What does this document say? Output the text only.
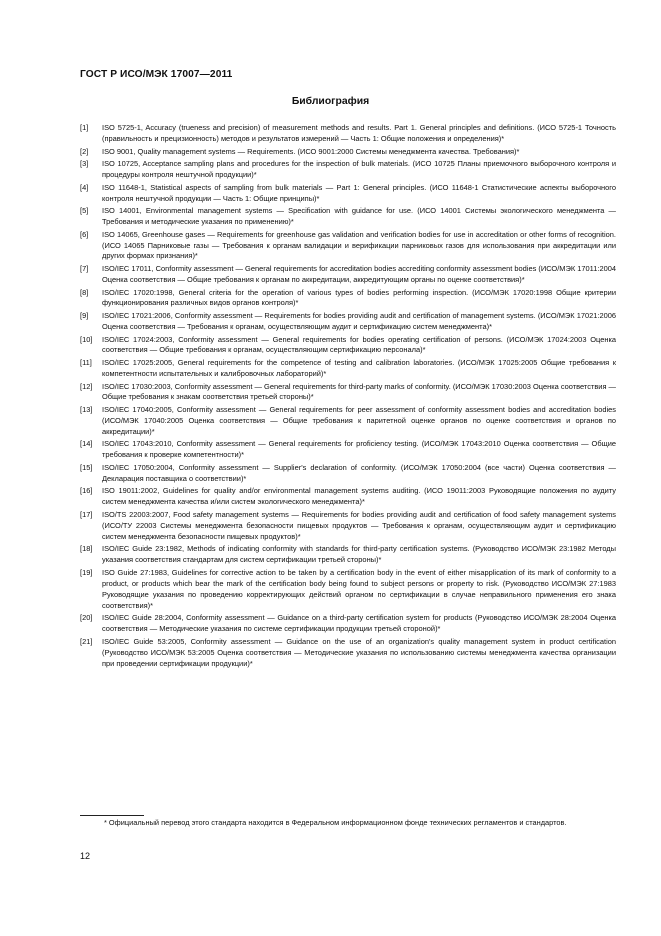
ГОСТ Р ИСО/МЭК 17007—2011
Библиография
[1] ISO 5725-1, Accuracy (trueness and precision) of measurement methods and results. Part 1. General principles and definitions. (ИСО 5725-1 Точность (правильность и прецизионность) методов и результатов измерений — Часть 1: Общие положения и определения)*
[2] ISO 9001, Quality management systems — Requirements. (ИСО 9001:2000 Системы менеджмента качества. Требования)*
[3] ISO 10725, Acceptance sampling plans and procedures for the inspection of bulk materials. (ИСО 10725 Планы приемочного выборочного контроля и процедуры контроля нештучной продукции)*
[4] ISO 11648-1, Statistical aspects of sampling from bulk materials — Part 1: General principles. (ИСО 11648-1 Статистические аспекты выборочного контроля нештучной продукции — Часть 1: Общие принципы)*
[5] ISO 14001, Environmental management systems — Specification with guidance for use. (ИСО 14001 Системы экологического менеджмента — Требования и методические указания по применению)*
[6] ISO 14065, Greenhouse gases — Requirements for greenhouse gas validation and verification bodies for use in accreditation or other forms of recognition. (ИСО 14065 Парниковые газы — Требования к органам валидации и верификации парниковых газов для использования при аккредитации или других формах признания)*
[7] ISO/IEC 17011, Conformity assessment — General requirements for accreditation bodies accrediting conformity assessment bodies (ИСО/МЭК 17011:2004 Оценка соответствия — Общие требования к органам по аккредитации, аккредитующим органы по оценке соответствия)*
[8] ISO/IEC 17020:1998, General criteria for the operation of various types of bodies performing inspection. (ИСО/МЭК 17020:1998 Общие критерии функционирования различных видов органов контроля)*
[9] ISO/IEC 17021:2006, Conformity assessment — Requirements for bodies providing audit and certification of management systems. (ИСО/МЭК 17021:2006 Оценка соответствия — Требования к органам, осуществляющим аудит и сертификацию систем менеджмента)*
[10] ISO/IEC 17024:2003, Conformity assessment — General requirements for bodies operating certification of persons. (ИСО/МЭК 17024:2003 Оценка соответствия — Общие требования к органам, осуществляющим сертификацию персонала)*
[11] ISO/IEC 17025:2005, General requirements for the competence of testing and calibration laboratories. (ИСО/МЭК 17025:2005 Общие требования к компетентности испытательных и калибровочных лабораторий)*
[12] ISO/IEC 17030:2003, Conformity assessment — General requirements for third-party marks of conformity. (ИСО/МЭК 17030:2003 Оценка соответствия — Общие требования к знакам соответствия третьей стороны)*
[13] ISO/IEC 17040:2005, Conformity assessment — General requirements for peer assessment of conformity assessment bodies and accreditation bodies (ИСО/МЭК 17040:2005 Оценка соответствия — Общие требования к паритетной оценке органов по оценке соответствия и органов по аккредитации)*
[14] ISO/IEC 17043:2010, Conformity assessment — General requirements for proficiency testing. (ИСО/МЭК 17043:2010 Оценка соответствия — Общие требования к проверке компетентности)*
[15] ISO/IEC 17050:2004, Conformity assessment — Supplier's declaration of conformity. (ИСО/МЭК 17050:2004 (все части) Оценка соответствия — Декларация поставщика о соответствии)*
[16] ISO 19011:2002, Guidelines for quality and/or environmental management systems auditing. (ИСО 19011:2003 Руководящие положения по аудиту систем менеджмента качества и/или систем экологического менеджмента)*
[17] ISO/TS 22003:2007, Food safety management systems — Requirements for bodies providing audit and certification of food safety management systems (ИСО/ТУ 22003 Системы менеджмента безопасности пищевых продуктов — Требования к органам, осуществляющим аудит и сертификацию систем менеджмента безопасности пищевых продуктов)*
[18] ISO/IEC Guide 23:1982, Methods of indicating conformity with standards for third-party certification systems. (Руководство ИСО/МЭК 23:1982 Методы указания соответствия стандартам для систем сертификации третьей стороны)*
[19] ISO Guide 27:1983, Guidelines for corrective action to be taken by a certification body in the event of either misapplication of its mark of conformity to a product, or products which bear the mark of the certification body being found to subject persons or property to risk. (Руководство ИСО/МЭК 27:1983 Руководящие указания по проведению корректирующих действий органом по сертификации в случае неправильного применения его знака соответствия)*
[20] ISO/IEC Guide 28:2004, Conformity assessment — Guidance on a third-party certification system for products (Руководство ИСО/МЭК 28:2004 Оценка соответствия — Методические указания по системе сертификации продукции третьей стороной)*
[21] ISO/IEC Guide 53:2005, Conformity assessment — Guidance on the use of an organization's quality management system in product certification (Руководство ИСО/МЭК 53:2005 Оценка соответствия — Методические указания по использованию системы менеджмента качества организации при проведении сертификации продукции)*
* Официальный перевод этого стандарта находится в Федеральном информационном фонде технических регламентов и стандартов.
12
